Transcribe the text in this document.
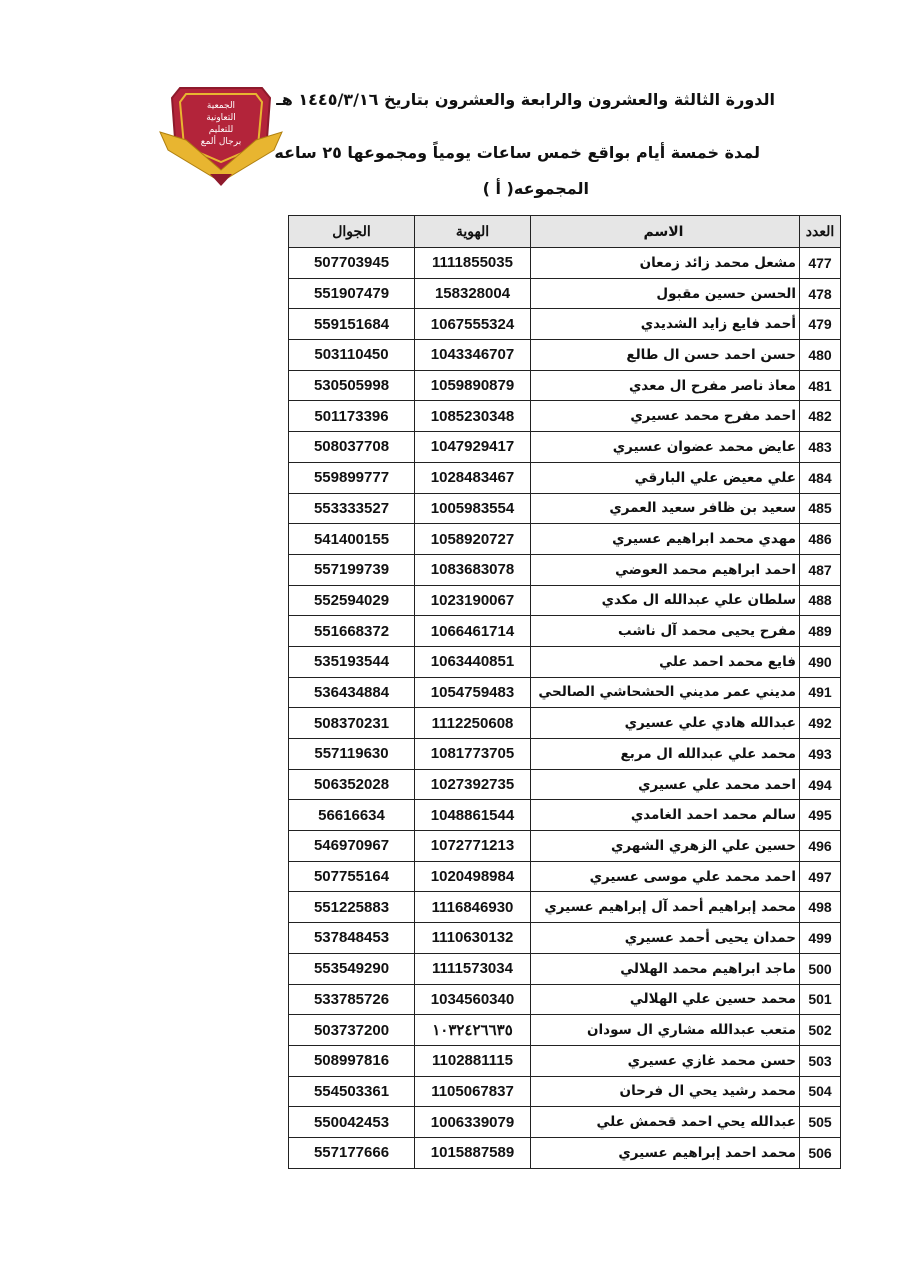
الدورة الثالثة والعشرون والرابعة والعشرون بتاريخ ١٤٤٥/٣/١٦ هـ
لمدة خمسة أيام بواقع خمس ساعات يومياً ومجموعها ٢٥ ساعه
المجموعه( أ )
الجمعية
التعاونية
للتعليم
برجال ألمع
العدد	الاسم	الهوية	الجوال
477	مشعل محمد زائد زمعان	1111855035	507703945
478	الحسن حسين مقبول	158328004	551907479
479	أحمد فايع زايد الشديدي	1067555324	559151684
480	حسن احمد حسن ال طالع	1043346707	503110450
481	معاذ ناصر مفرح ال معدي	1059890879	530505998
482	احمد مفرح محمد عسيري	1085230348	501173396
483	عايض محمد عضوان عسيري	1047929417	508037708
484	علي معيض علي البارقي	1028483467	559899777
485	سعيد بن ظافر سعيد العمري	1005983554	553333527
486	مهدي محمد ابراهيم عسيري	1058920727	541400155
487	احمد ابراهيم محمد العوضي	1083683078	557199739
488	سلطان علي عبدالله ال مكدي	1023190067	552594029
489	مفرح يحيى محمد آل ناشب	1066461714	551668372
490	فايع محمد احمد علي	1063440851	535193544
491	مديني عمر مديني الحشحاشي الصالحي	1054759483	536434884
492	عبدالله هادي علي عسيري	1112250608	508370231
493	محمد علي عبدالله ال مربع	1081773705	557119630
494	احمد محمد علي عسيري	1027392735	506352028
495	سالم محمد احمد الغامدي	1048861544	56616634
496	حسين علي الزهري الشهري	1072771213	546970967
497	احمد محمد علي موسى عسيري	1020498984	507755164
498	محمد إبراهيم أحمد آل إبراهيم عسيري	1116846930	551225883
499	حمدان يحيى أحمد عسيري	1110630132	537848453
500	ماجد ابراهيم محمد الهلالي	1111573034	553549290
501	محمد حسين علي الهلالي	1034560340	533785726
502	متعب عبدالله مشاري ال سودان	١٠٣٢٤٢٦٦٣٥	503737200
503	حسن محمد غازي عسيري	1102881115	508997816
504	محمد رشيد يحي ال فرحان	1105067837	554503361
505	عبدالله يحي احمد قحمش علي	1006339079	550042453
506	محمد احمد إبراهيم عسيري	1015887589	557177666
